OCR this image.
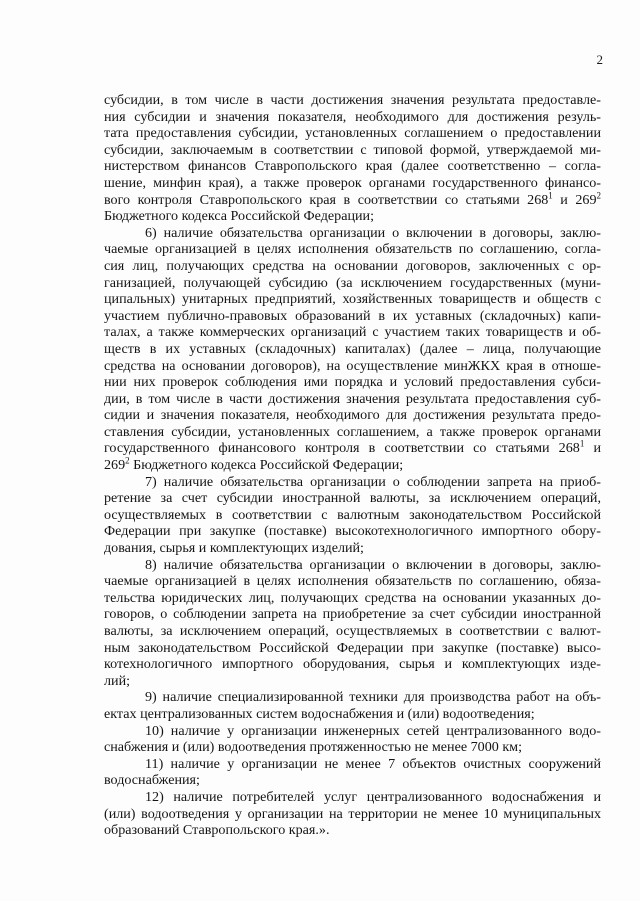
2
субсидии, в том числе в части достижения значения результата предоставле-
ния субсидии и значения показателя, необходимого для достижения резуль-
тата предоставления субсидии, установленных соглашением о предоставлении
субсидии, заключаемым в соответствии с типовой формой, утверждаемой ми-
нистерством финансов Ставропольского края (далее соответственно – согла-
шение, минфин края), а также проверок органами государственного финансо-
вого контроля Ставропольского края в соответствии со статьями $268^1$ и $269^2$
Бюджетного кодекса Российской Федерации;
6) наличие обязательства организации о включении в договоры, заклю-
чаемые организацией в целях исполнения обязательств по соглашению, согла-
сия лиц, получающих средства на основании договоров, заключенных с ор-
ганизацией, получающей субсидию (за исключением государственных (муни-
ципальных) унитарных предприятий, хозяйственных товариществ и обществ с
участием публично-правовых образований в их уставных (складочных) капи-
талах, а также коммерческих организаций с участием таких товариществ и об-
ществ в их уставных (складочных) капиталах) (далее – лица, получающие
средства на основании договоров), на осуществление минЖКХ края в отноше-
нии них проверок соблюдения ими порядка и условий предоставления субси-
дии, в том числе в части достижения значения результата предоставления суб-
сидии и значения показателя, необходимого для достижения результата предо-
ставления субсидии, установленных соглашением, а также проверок органами
государственного финансового контроля в соответствии со статьями $268^1$ и
$269^2$ Бюджетного кодекса Российской Федерации;
7) наличие обязательства организации о соблюдении запрета на приоб-
ретение за счет субсидии иностранной валюты, за исключением операций,
осуществляемых в соответствии с валютным законодательством Российской
Федерации при закупке (поставке) высокотехнологичного импортного обору-
дования, сырья и комплектующих изделий;
8) наличие обязательства организации о включении в договоры, заклю-
чаемые организацией в целях исполнения обязательств по соглашению, обяза-
тельства юридических лиц, получающих средства на основании указанных до-
говоров, о соблюдении запрета на приобретение за счет субсидии иностранной
валюты, за исключением операций, осуществляемых в соответствии с валют-
ным законодательством Российской Федерации при закупке (поставке) высо-
котехнологичного импортного оборудования, сырья и комплектующих изде-
лий;
9) наличие специализированной техники для производства работ на объ-
ектах централизованных систем водоснабжения и (или) водоотведения;
10) наличие у организации инженерных сетей централизованного водо-
снабжения и (или) водоотведения протяженностью не менее 7000 км;
11) наличие у организации не менее 7 объектов очистных сооружений
водоснабжения;
12) наличие потребителей услуг централизованного водоснабжения и
(или) водоотведения у организации на территории не менее 10 муниципальных
образований Ставропольского края.».
